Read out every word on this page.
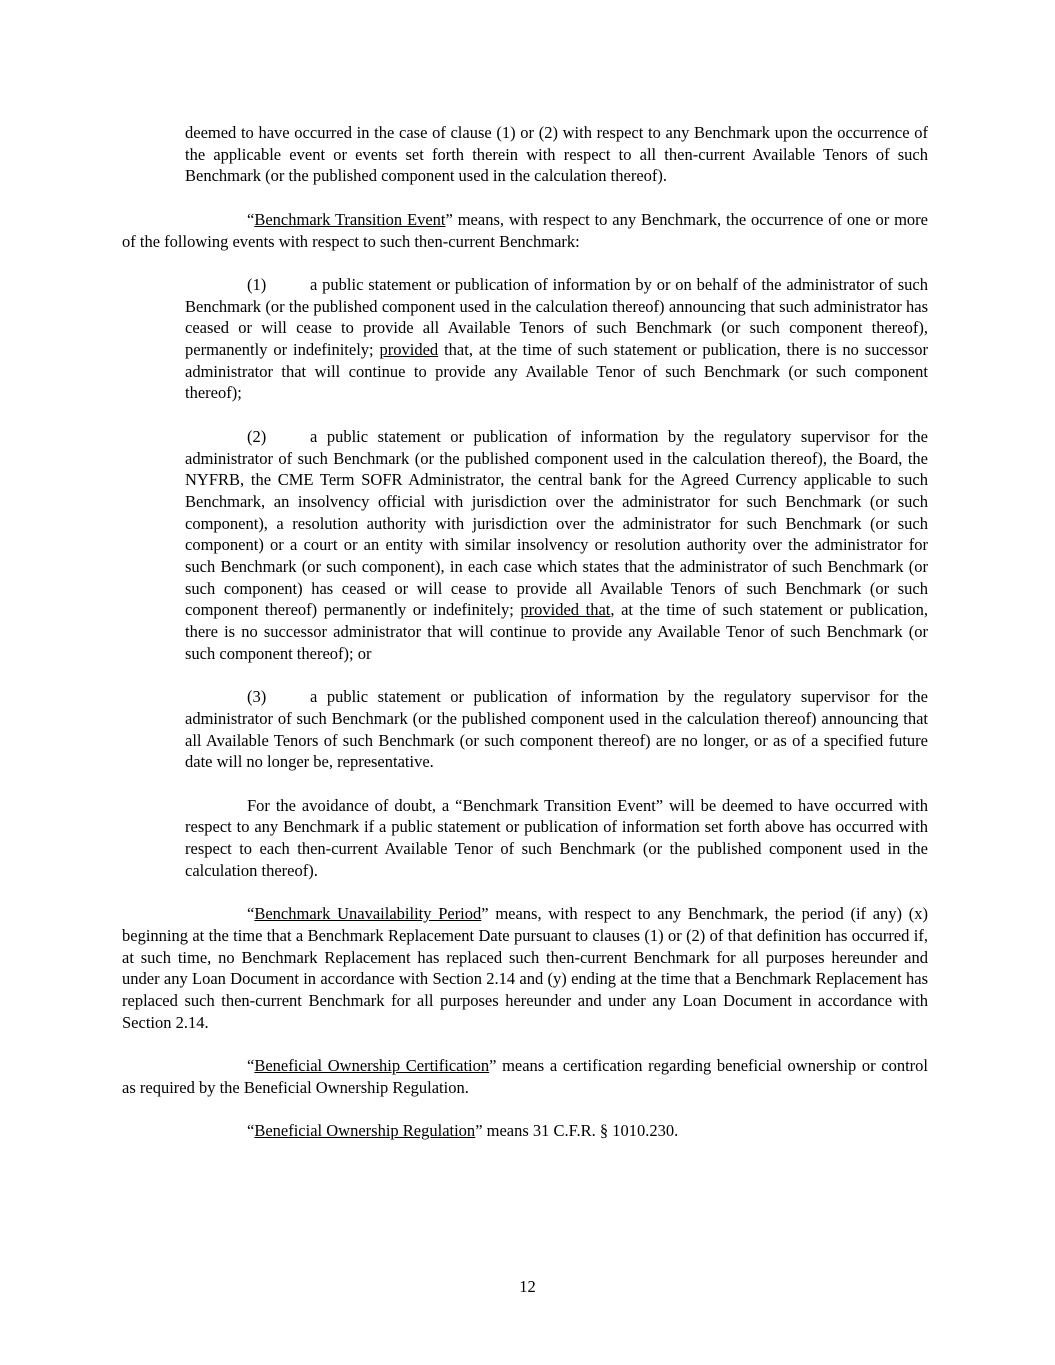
deemed to have occurred in the case of clause (1) or (2) with respect to any Benchmark upon the occurrence of the applicable event or events set forth therein with respect to all then-current Available Tenors of such Benchmark (or the published component used in the calculation thereof).

“Benchmark Transition Event” means, with respect to any Benchmark, the occurrence of one or more of the following events with respect to such then-current Benchmark:

(1)	a public statement or publication of information by or on behalf of the administrator of such Benchmark (or the published component used in the calculation thereof) announcing that such administrator has ceased or will cease to provide all Available Tenors of such Benchmark (or such component thereof), permanently or indefinitely; provided that, at the time of such statement or publication, there is no successor administrator that will continue to provide any Available Tenor of such Benchmark (or such component thereof);

(2)	a public statement or publication of information by the regulatory supervisor for the administrator of such Benchmark (or the published component used in the calculation thereof), the Board, the NYFRB, the CME Term SOFR Administrator, the central bank for the Agreed Currency applicable to such Benchmark, an insolvency official with jurisdiction over the administrator for such Benchmark (or such component), a resolution authority with jurisdiction over the administrator for such Benchmark (or such component) or a court or an entity with similar insolvency or resolution authority over the administrator for such Benchmark (or such component), in each case which states that the administrator of such Benchmark (or such component) has ceased or will cease to provide all Available Tenors of such Benchmark (or such component thereof) permanently or indefinitely; provided that, at the time of such statement or publication, there is no successor administrator that will continue to provide any Available Tenor of such Benchmark (or such component thereof); or

(3)	a public statement or publication of information by the regulatory supervisor for the administrator of such Benchmark (or the published component used in the calculation thereof) announcing that all Available Tenors of such Benchmark (or such component thereof) are no longer, or as of a specified future date will no longer be, representative.

For the avoidance of doubt, a “Benchmark Transition Event” will be deemed to have occurred with respect to any Benchmark if a public statement or publication of information set forth above has occurred with respect to each then-current Available Tenor of such Benchmark (or the published component used in the calculation thereof).

“Benchmark Unavailability Period” means, with respect to any Benchmark, the period (if any) (x) beginning at the time that a Benchmark Replacement Date pursuant to clauses (1) or (2) of that definition has occurred if, at such time, no Benchmark Replacement has replaced such then-current Benchmark for all purposes hereunder and under any Loan Document in accordance with Section 2.14 and (y) ending at the time that a Benchmark Replacement has replaced such then-current Benchmark for all purposes hereunder and under any Loan Document in accordance with Section 2.14.

“Beneficial Ownership Certification” means a certification regarding beneficial ownership or control as required by the Beneficial Ownership Regulation.

“Beneficial Ownership Regulation” means 31 C.F.R. § 1010.230.

12
